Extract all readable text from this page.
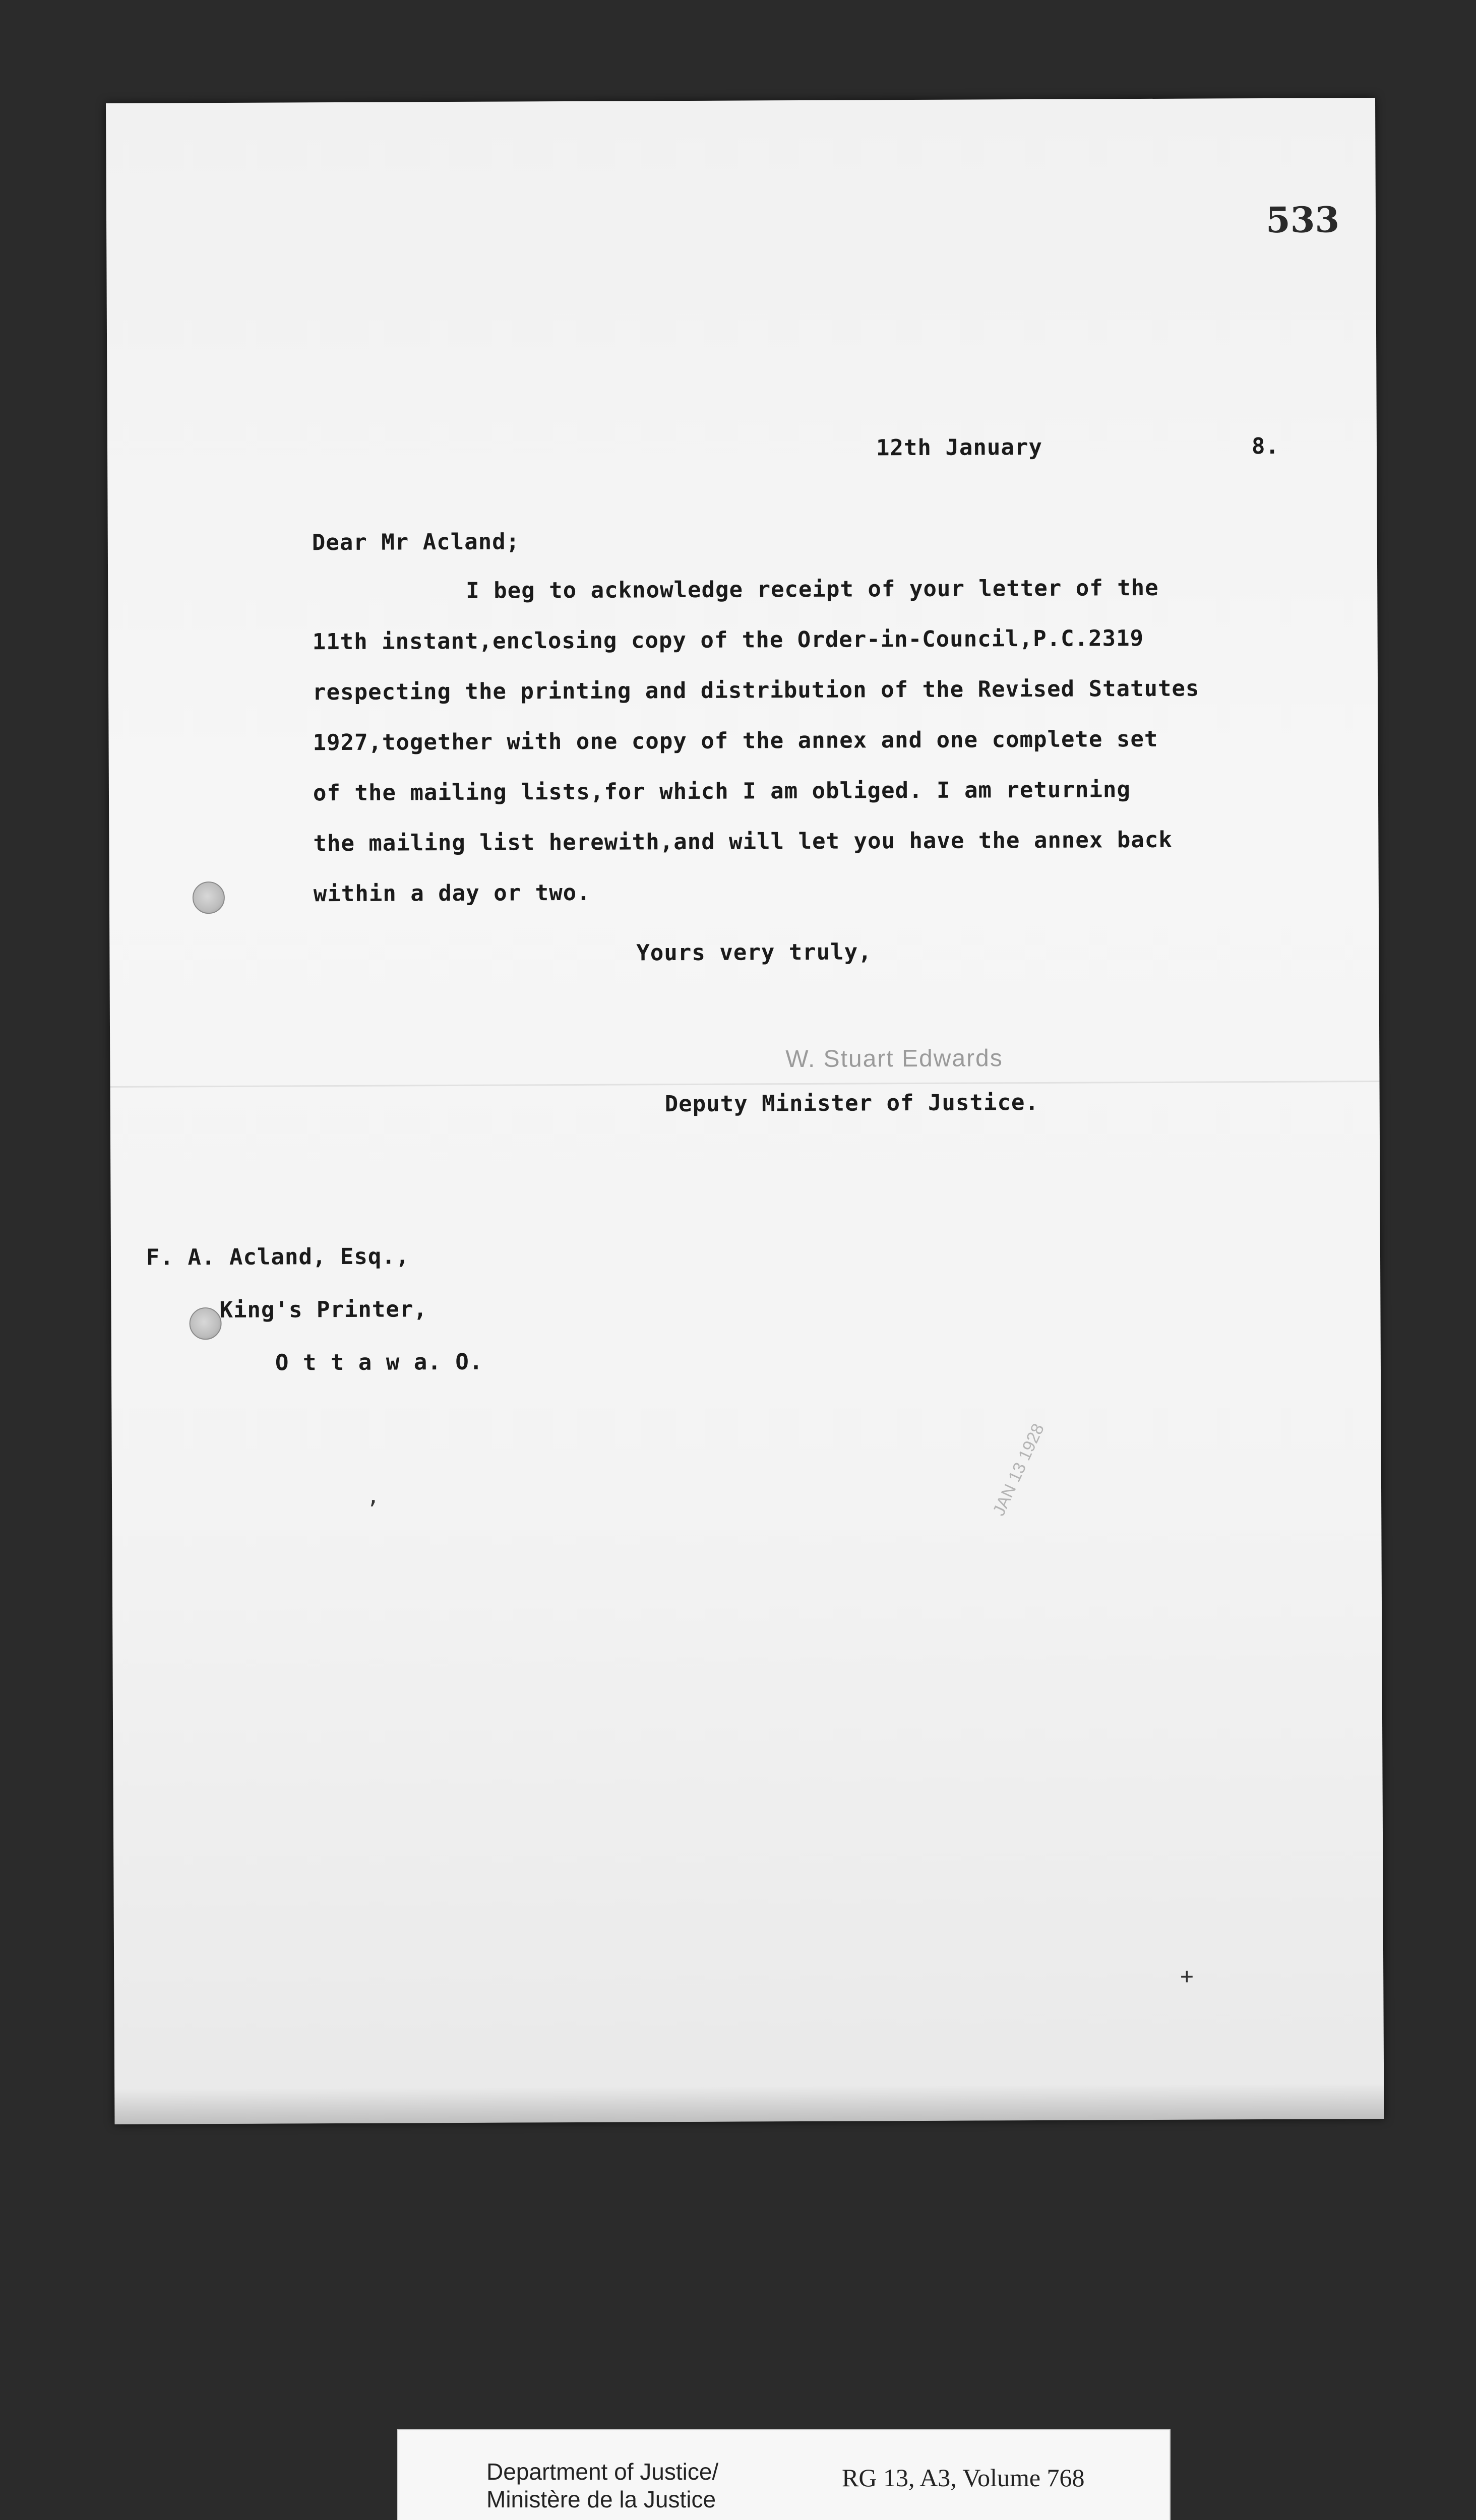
533
12th January	8.
Dear Mr Acland;
I beg to acknowledge receipt of your letter of the
11th instant,enclosing copy of the Order-in-Council,P.C.2319
respecting the printing and distribution of the Revised Statutes
1927,together with one copy of the annex and one complete set
of the mailing lists,for which I am obliged. I am returning
the mailing list herewith,and will let you have the annex back
within a day or two.
Yours very truly,
W. Stuart Edwards
Deputy Minister of Justice.
F. A. Acland, Esq.,
King's Printer,
O t t a w a. O.
JAN 13 1928
,
+
Department of Justice/
Ministère de la Justice
RG 13, A3, Volume 768
